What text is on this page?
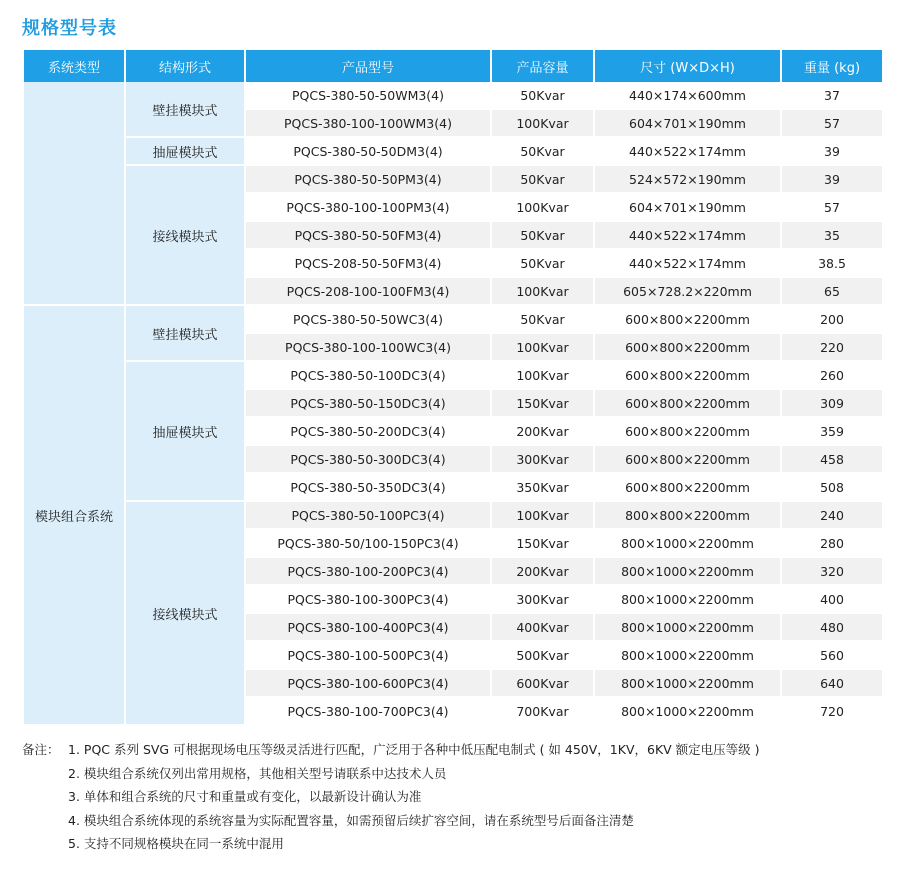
规格型号表
系统类型	结构形式	产品型号	产品容量	尺寸 (W×D×H)	重量 (kg)
	壁挂模块式	PQCS-380-50-50WM3(4)	50Kvar	440×174×600mm	37
		PQCS-380-100-100WM3(4)	100Kvar	604×701×190mm	57
	抽屉模块式	PQCS-380-50-50DM3(4)	50Kvar	440×522×174mm	39
	接线模块式	PQCS-380-50-50PM3(4)	50Kvar	524×572×190mm	39
		PQCS-380-100-100PM3(4)	100Kvar	604×701×190mm	57
		PQCS-380-50-50FM3(4)	50Kvar	440×522×174mm	35
		PQCS-208-50-50FM3(4)	50Kvar	440×522×174mm	38.5
		PQCS-208-100-100FM3(4)	100Kvar	605×728.2×220mm	65
模块组合系统	壁挂模块式	PQCS-380-50-50WC3(4)	50Kvar	600×800×2200mm	200
		PQCS-380-100-100WC3(4)	100Kvar	600×800×2200mm	220
	抽屉模块式	PQCS-380-50-100DC3(4)	100Kvar	600×800×2200mm	260
		PQCS-380-50-150DC3(4)	150Kvar	600×800×2200mm	309
		PQCS-380-50-200DC3(4)	200Kvar	600×800×2200mm	359
		PQCS-380-50-300DC3(4)	300Kvar	600×800×2200mm	458
		PQCS-380-50-350DC3(4)	350Kvar	600×800×2200mm	508
	接线模块式	PQCS-380-50-100PC3(4)	100Kvar	800×800×2200mm	240
		PQCS-380-50/100-150PC3(4)	150Kvar	800×1000×2200mm	280
		PQCS-380-100-200PC3(4)	200Kvar	800×1000×2200mm	320
		PQCS-380-100-300PC3(4)	300Kvar	800×1000×2200mm	400
		PQCS-380-100-400PC3(4)	400Kvar	800×1000×2200mm	480
		PQCS-380-100-500PC3(4)	500Kvar	800×1000×2200mm	560
		PQCS-380-100-600PC3(4)	600Kvar	800×1000×2200mm	640
		PQCS-380-100-700PC3(4)	700Kvar	800×1000×2200mm	720
备注： 1. PQC 系列 SVG 可根据现场电压等级灵活进行匹配，广泛用于各种中低压配电制式 ( 如 450V，1KV，6KV 额定电压等级 )
2. 模块组合系统仅列出常用规格，其他相关型号请联系中达技术人员
3. 单体和组合系统的尺寸和重量或有变化，以最新设计确认为准
4. 模块组合系统体现的系统容量为实际配置容量，如需预留后续扩容空间，请在系统型号后面备注清楚
5. 支持不同规格模块在同一系统中混用
